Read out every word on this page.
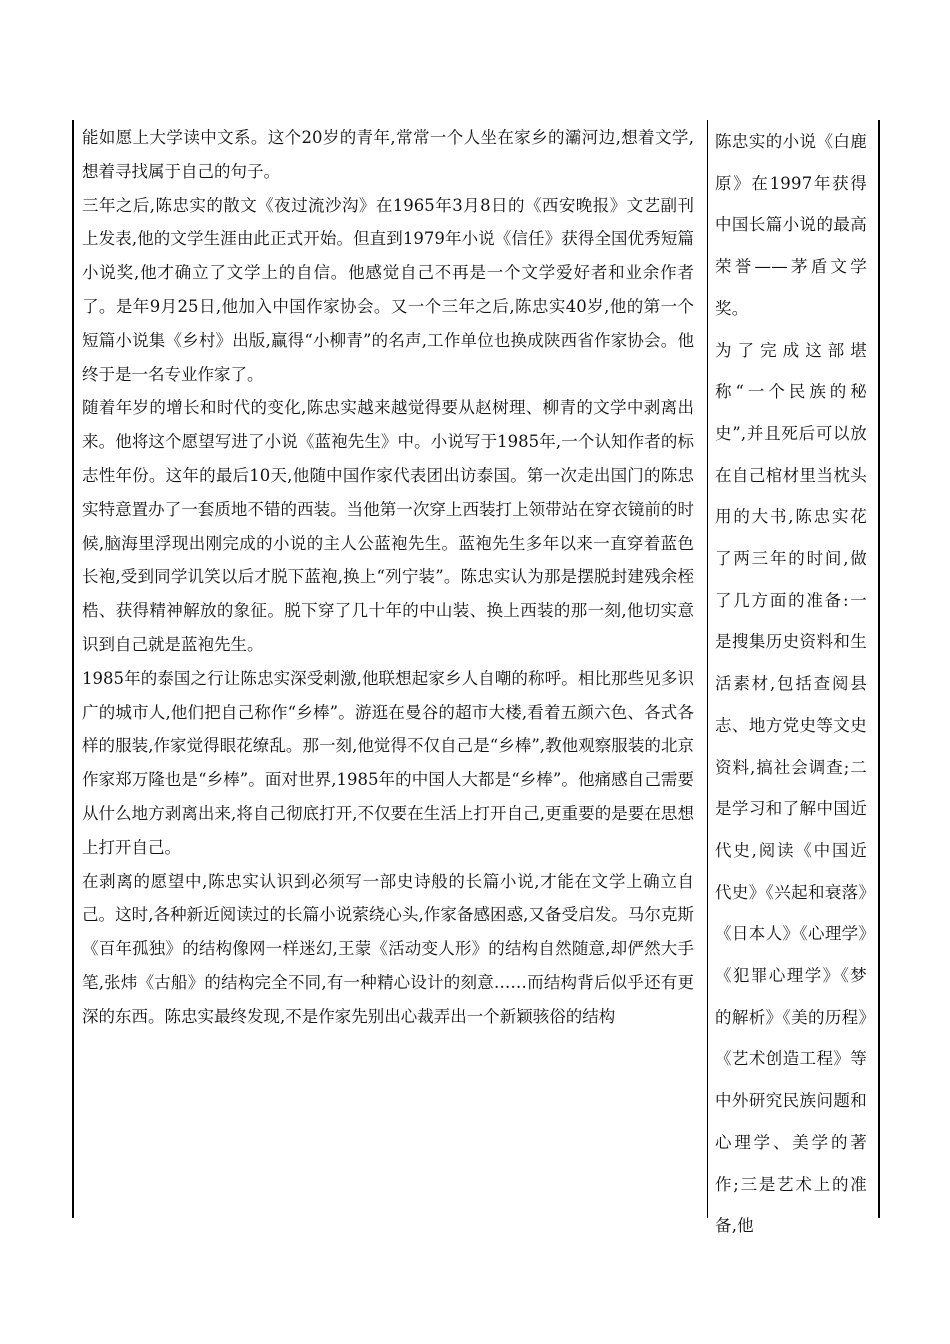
能如愿上大学读中文系。这个20岁的青年,常常一个人坐在家乡的灞河边,想着文学,想着寻找属于自己的句子。

三年之后,陈忠实的散文《夜过流沙沟》在1965年3月8日的《西安晚报》文艺副刊上发表,他的文学生涯由此正式开始。但直到1979年小说《信任》获得全国优秀短篇小说奖,他才确立了文学上的自信。他感觉自己不再是一个文学爱好者和业余作者了。是年9月25日,他加入中国作家协会。又一个三年之后,陈忠实40岁,他的第一个短篇小说集《乡村》出版,赢得“小柳青”的名声,工作单位也换成陕西省作家协会。他终于是一名专业作家了。

随着年岁的增长和时代的变化,陈忠实越来越觉得要从赵树理、柳青的文学中剥离出来。他将这个愿望写进了小说《蓝袍先生》中。小说写于1985年,一个认知作者的标志性年份。这年的最后10天,他随中国作家代表团出访泰国。第一次走出国门的陈忠实特意置办了一套质地不错的西装。当他第一次穿上西装打上领带站在穿衣镜前的时候,脑海里浮现出刚完成的小说的主人公蓝袍先生。蓝袍先生多年以来一直穿着蓝色长袍,受到同学讥笑以后才脱下蓝袍,换上“列宁装”。陈忠实认为那是摆脱封建残余桎梏、获得精神解放的象征。脱下穿了几十年的中山装、换上西装的那一刻,他切实意识到自己就是蓝袍先生。

1985年的泰国之行让陈忠实深受刺激,他联想起家乡人自嘲的称呼。相比那些见多识广的城市人,他们把自己称作“乡棒”。游逛在曼谷的超市大楼,看着五颜六色、各式各样的服装,作家觉得眼花缭乱。那一刻,他觉得不仅自己是“乡棒”,教他观察服装的北京作家郑万隆也是“乡棒”。面对世界,1985年的中国人大都是“乡棒”。他痛感自己需要从什么地方剥离出来,将自己彻底打开,不仅要在生活上打开自己,更重要的是要在思想上打开自己。

在剥离的愿望中,陈忠实认识到必须写一部史诗般的长篇小说,才能在文学上确立自己。这时,各种新近阅读过的长篇小说萦绕心头,作家备感困惑,又备受启发。马尔克斯《百年孤独》的结构像网一样迷幻,王蒙《活动变人形》的结构自然随意,却俨然大手笔,张炜《古船》的结构完全不同,有一种精心设计的刻意……而结构背后似乎还有更深的东西。陈忠实最终发现,不是作家先别出心裁弄出一个新颖骇俗的结构

陈忠实的小说《白鹿原》在1997年获得中国长篇小说的最高荣誉——茅盾文学奖。

为了完成这部堪称“一个民族的秘史”,并且死后可以放在自己棺材里当枕头用的大书,陈忠实花了两三年的时间,做了几方面的准备:一是搜集历史资料和生活素材,包括查阅县志、地方党史等文史资料,搞社会调查;二是学习和了解中国近代史,阅读《中国近代史》《兴起和衰落》《日本人》《心理学》《犯罪心理学》《梦的解析》《美的历程》《艺术创造工程》等中外研究民族问题和心理学、美学的著作;三是艺术上的准备,他
